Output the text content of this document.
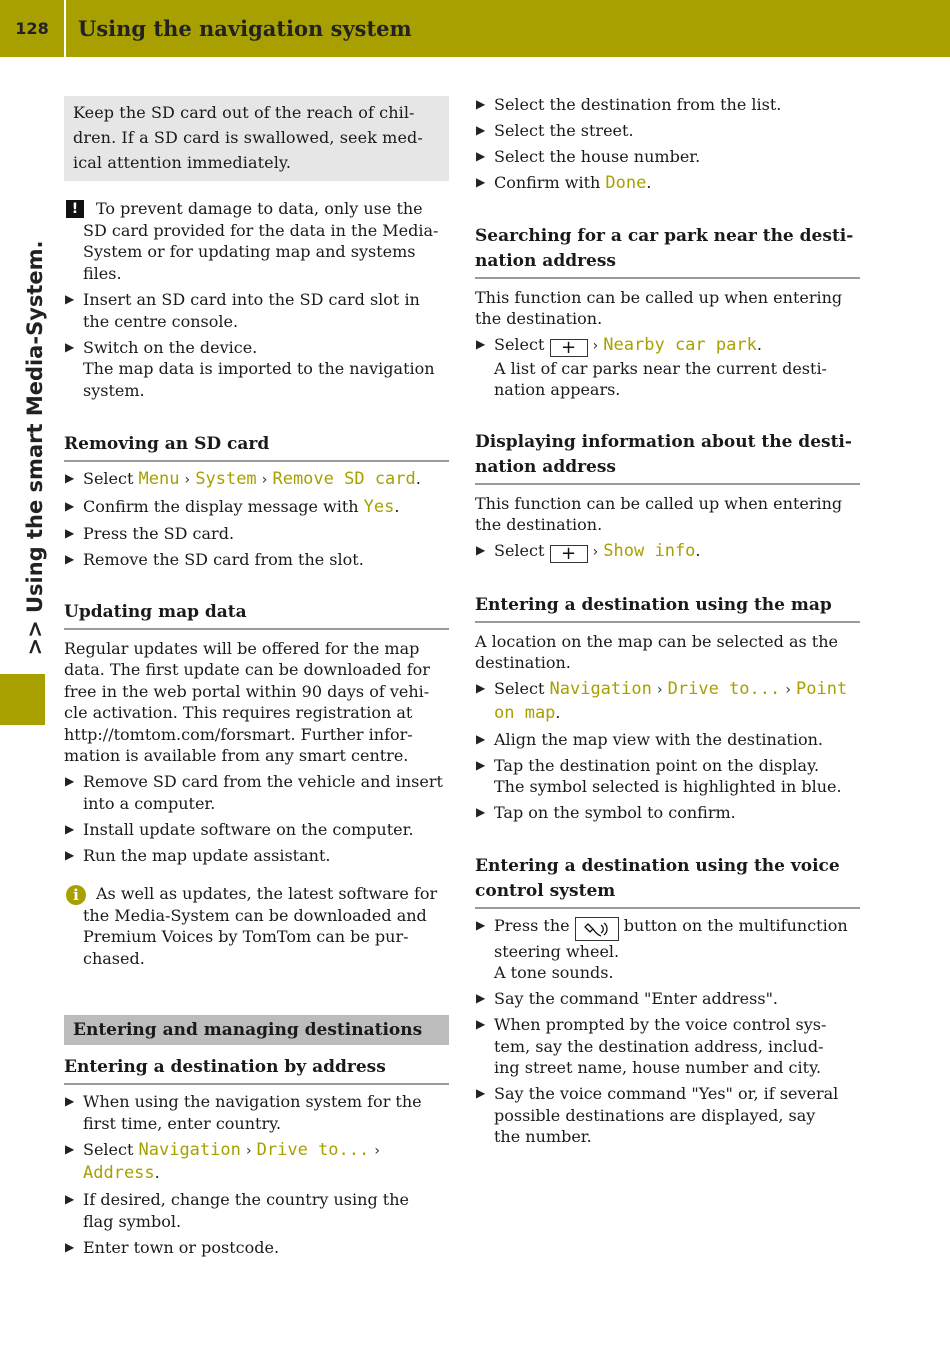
128	Using the navigation system
>> Using the smart Media-System.
Keep the SD card out of the reach of chil-
dren. If a SD card is swallowed, seek med-
ical attention immediately.
!	To prevent damage to data, only use the
SD card provided for the data in the Media-
System or for updating map and systems
files.
▶ Insert an SD card into the SD card slot in
the centre console.
▶ Switch on the device.
The map data is imported to the navigation
system.
Removing an SD card
▶ Select Menu › System › Remove SD card.
▶ Confirm the display message with Yes.
▶ Press the SD card.
▶ Remove the SD card from the slot.
Updating map data
Regular updates will be offered for the map
data. The first update can be downloaded for
free in the web portal within 90 days of vehi-
cle activation. This requires registration at
http://tomtom.com/forsmart. Further infor-
mation is available from any smart centre.
▶ Remove SD card from the vehicle and insert
into a computer.
▶ Install update software on the computer.
▶ Run the map update assistant.
i	As well as updates, the latest software for
the Media-System can be downloaded and
Premium Voices by TomTom can be pur-
chased.
Entering and managing destinations
Entering a destination by address
▶ When using the navigation system for the
first time, enter country.
▶ Select Navigation › Drive to... ›
Address.
▶ If desired, change the country using the
flag symbol.
▶ Enter town or postcode.
▶ Select the destination from the list.
▶ Select the street.
▶ Select the house number.
▶ Confirm with Done.
Searching for a car park near the desti-
nation address
This function can be called up when entering
the destination.
▶ Select + › Nearby car park.
A list of car parks near the current desti-
nation appears.
Displaying information about the desti-
nation address
This function can be called up when entering
the destination.
▶ Select + › Show info.
Entering a destination using the map
A location on the map can be selected as the
destination.
▶ Select Navigation › Drive to... › Point
on map.
▶ Align the map view with the destination.
▶ Tap the destination point on the display.
The symbol selected is highlighted in blue.
▶ Tap on the symbol to confirm.
Entering a destination using the voice
control system
▶ Press the	button on the multifunction
steering wheel.
A tone sounds.
▶ Say the command "Enter address".
▶ When prompted by the voice control sys-
tem, say the destination address, includ-
ing street name, house number and city.
▶ Say the voice command "Yes" or, if several
possible destinations are displayed, say
the number.
